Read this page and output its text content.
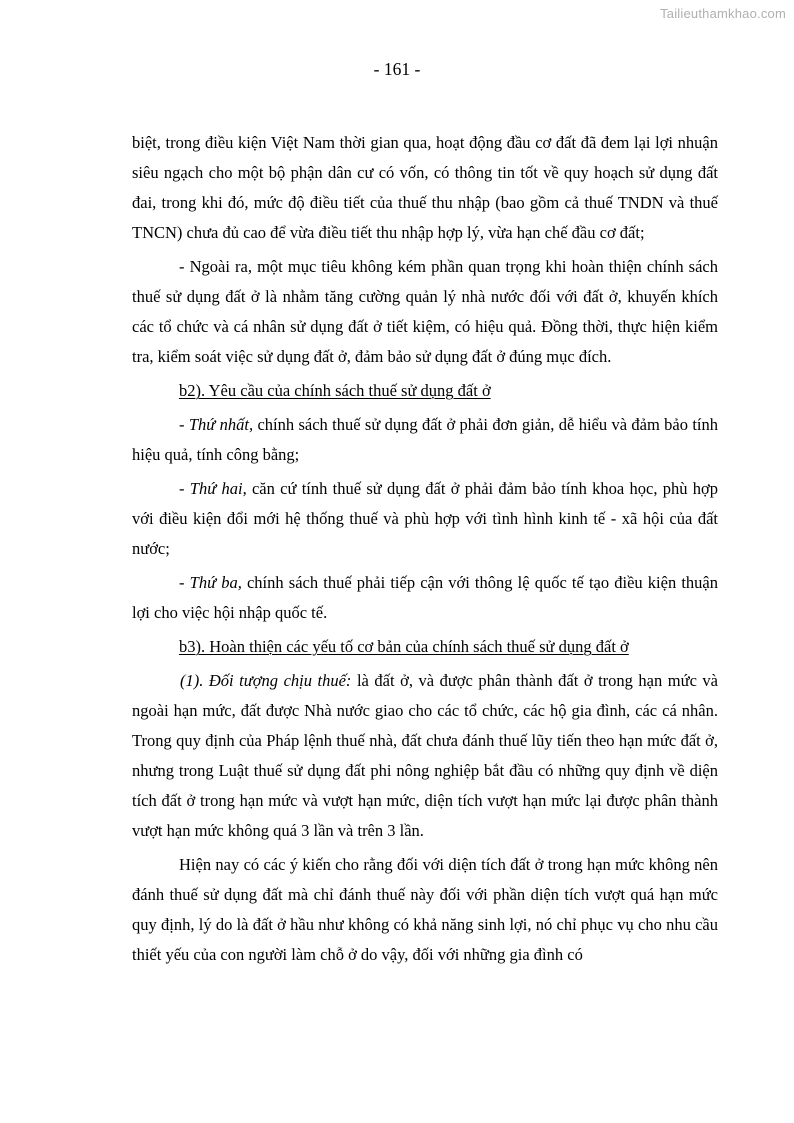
Tailieuthamkhao.com
- 161 -

biệt, trong điều kiện Việt Nam thời gian qua, hoạt động đầu cơ đất đã đem lại lợi nhuận siêu ngạch cho một bộ phận dân cư có vốn, có thông tin tốt về quy hoạch sử dụng đất đai, trong khi đó, mức độ điều tiết của thuế thu nhập (bao gồm cả thuế TNDN và thuế TNCN) chưa đủ cao để vừa điều tiết thu nhập hợp lý, vừa hạn chế đầu cơ đất;

- Ngoài ra, một mục tiêu không kém phần quan trọng khi hoàn thiện chính sách thuế sử dụng đất ở là nhằm tăng cường quản lý nhà nước đối với đất ở, khuyến khích các tổ chức và cá nhân sử dụng đất ở tiết kiệm, có hiệu quả. Đồng thời, thực hiện kiểm tra, kiểm soát việc sử dụng đất ở, đảm bảo sử dụng đất ở đúng mục đích.

b2). Yêu cầu của chính sách thuế sử dụng đất ở

- Thứ nhất, chính sách thuế sử dụng đất ở phải đơn giản, dễ hiểu và đảm bảo tính hiệu quả, tính công bằng;

- Thứ hai, căn cứ tính thuế sử dụng đất ở phải đảm bảo tính khoa học, phù hợp với điều kiện đổi mới hệ thống thuế và phù hợp với tình hình kinh tế - xã hội của đất nước;

- Thứ ba, chính sách thuế phải tiếp cận với thông lệ quốc tế tạo điều kiện thuận lợi cho việc hội nhập quốc tế.

b3). Hoàn thiện các yếu tố cơ bản của chính sách thuế sử dụng đất ở

(1). Đối tượng chịu thuế: là đất ở, và được phân thành đất ở trong hạn mức và ngoài hạn mức, đất được Nhà nước giao cho các tổ chức, các hộ gia đình, các cá nhân. Trong quy định của Pháp lệnh thuế nhà, đất chưa đánh thuế lũy tiến theo hạn mức đất ở, nhưng trong Luật thuế sử dụng đất phi nông nghiệp bắt đầu có những quy định về diện tích đất ở trong hạn mức và vượt hạn mức, diện tích vượt hạn mức lại được phân thành vượt hạn mức không quá 3 lần và trên 3 lần.

Hiện nay có các ý kiến cho rằng đối với diện tích đất ở trong hạn mức không nên đánh thuế sử dụng đất mà chỉ đánh thuế này đối với phần diện tích vượt quá hạn mức quy định, lý do là đất ở hầu như không có khả năng sinh lợi, nó chỉ phục vụ cho nhu cầu thiết yếu của con người làm chỗ ở do vậy, đối với những gia đình có
